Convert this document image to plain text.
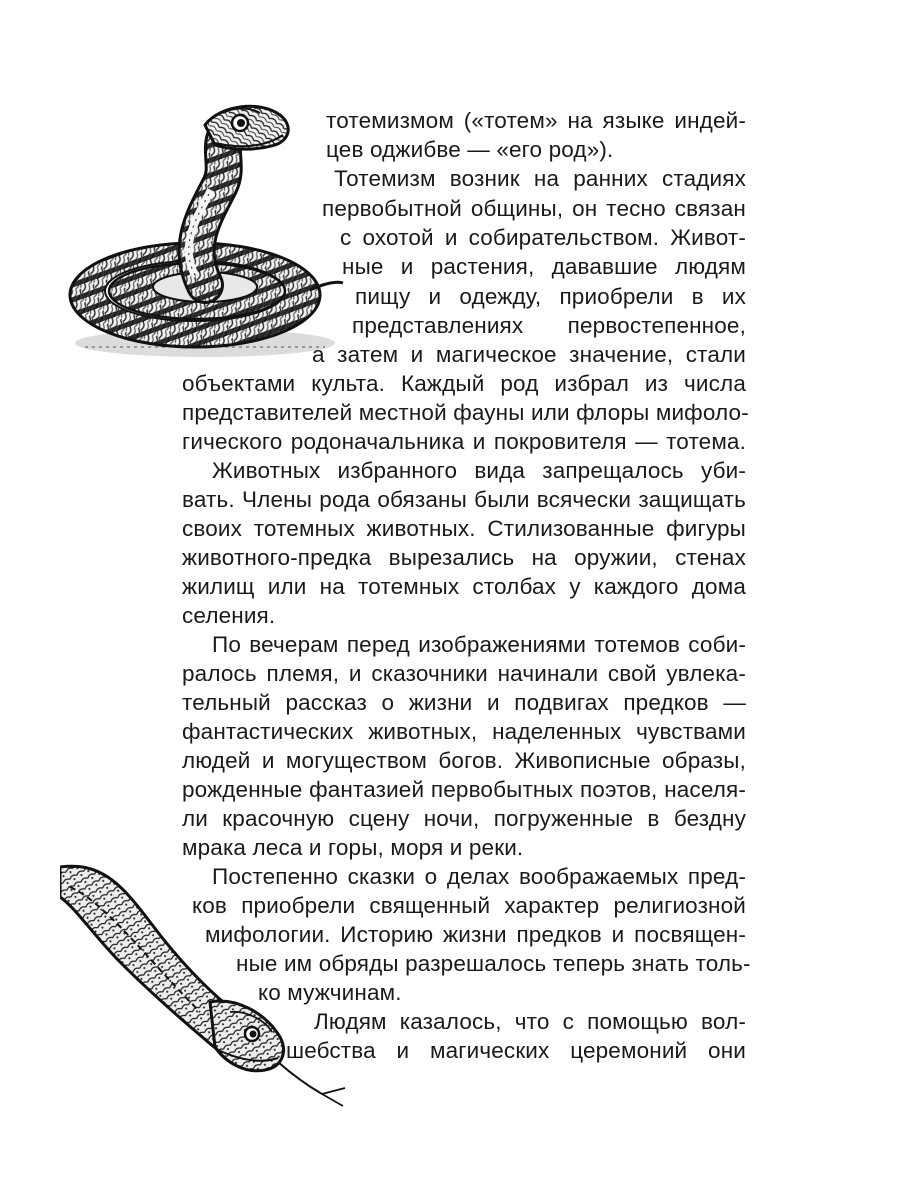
тотемизмом («тотем» на языке индей-
цев оджибве — «его род»).
Тотемизм возник на ранних стадиях
первобытной общины, он тесно связан
с охотой и собирательством. Живот-
ные и растения, дававшие людям
пищу и одежду, приобрели в их
представлениях первостепенное,
а затем и магическое значение, стали
объектами культа. Каждый род избрал из числа
представителей местной фауны или флоры мифоло-
гического родоначальника и покровителя — тотема.
Животных избранного вида запрещалось уби-
вать. Члены рода обязаны были всячески защищать
своих тотемных животных. Стилизованные фигуры
животного-предка вырезались на оружии, стенах
жилищ или на тотемных столбах у каждого дома
селения.
По вечерам перед изображениями тотемов соби-
ралось племя, и сказочники начинали свой увлека-
тельный рассказ о жизни и подвигах предков —
фантастических животных, наделенных чувствами
людей и могуществом богов. Живописные образы,
рожденные фантазией первобытных поэтов, населя-
ли красочную сцену ночи, погруженные в бездну
мрака леса и горы, моря и реки.
Постепенно сказки о делах воображаемых пред-
ков приобрели священный характер религиозной
мифологии. Историю жизни предков и посвящен-
ные им обряды разрешалось теперь знать толь-
ко мужчинам.
Людям казалось, что с помощью вол-
шебства и магических церемоний они
